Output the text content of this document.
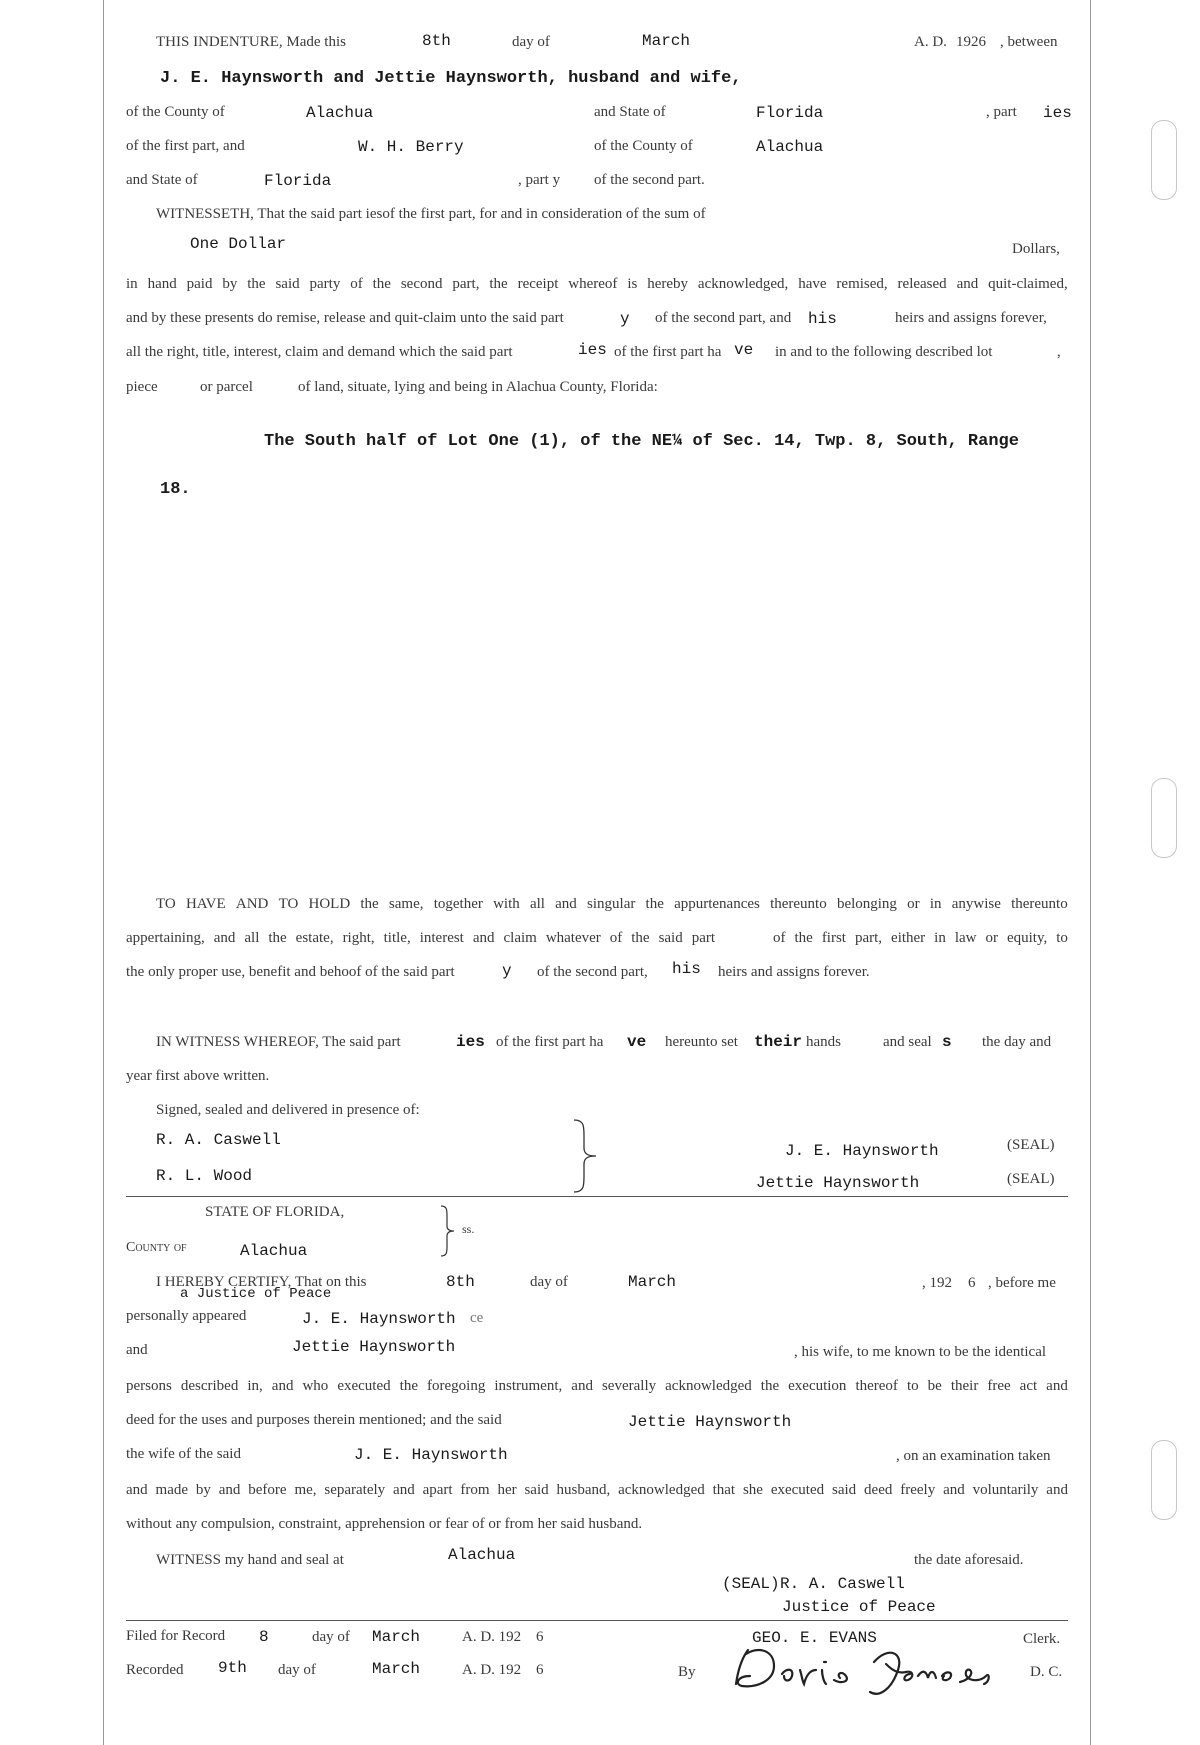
THIS INDENTURE, Made this	8th	day of	March	A. D. 1926 , between
J. E. Haynsworth and Jettie Haynsworth, husband and wife,
of the County of	Alachua	and State of	Florida	, part ies
of the first part, and	W. H. Berry	of the County of	Alachua
and State of	Florida	, part y of the second part.
WITNESSETH, That the said part iesof the first part, for and in consideration of the sum of
One Dollar	Dollars,
in hand paid by the said party of the second part, the receipt whereof is hereby acknowledged, have remised, released and quit-claimed,
and by these presents do remise, release and quit-claim unto the said part	y of the second part, and his	heirs and assigns forever,
all the right, title, interest, claim and demand which the said part	ies of the first part ha ve in and to the following described lot	,
piece	or parcel	of land, situate, lying and being in Alachua County, Florida:
The South half of Lot One (1), of the NE¼ of Sec. 14, Twp. 8, South, Range
18.
TO HAVE AND TO HOLD the same, together with all and singular the appurtenances thereunto belonging or in anywise thereunto
appertaining, and all the estate, right, title, interest and claim whatever of the said part	of the first part, either in law or equity, to
the only proper use, benefit and behoof of the said part	y of the second part, his heirs and assigns forever.
IN WITNESS WHEREOF, The said part	ies of the first part ha ve hereunto set their hands	and seal s the day and
year first above written.
Signed, sealed and delivered in presence of:
R. A. Caswell
R. L. Wood
J. E. Haynsworth	(SEAL)
Jettie Haynsworth	(SEAL)
STATE OF FLORIDA,
ss.
County of	Alachua
I HEREBY CERTIFY, That on this
a Justice of Peace
8th	day of	March	, 192 6 , before me
personally appeared	J. E. Haynsworth ce
and	Jettie Haynsworth	, his wife, to me known to be the identical
persons described in, and who executed the foregoing instrument, and severally acknowledged the execution thereof to be their free act and
deed for the uses and purposes therein mentioned; and the said	Jettie Haynsworth
the wife of the said	J. E. Haynsworth	, on an examination taken
and made by and before me, separately and apart from her said husband, acknowledged that she executed said deed freely and voluntarily and
without any compulsion, constraint, apprehension or fear of or from her said husband.
WITNESS my hand and seal at	Alachua	the date aforesaid.
(SEAL) R. A. Caswell
Justice of Peace
Filed for Record 8	day of March	A. D. 192 6	GEO. E. EVANS	Clerk.
Recorded 9th day of	March	A. D. 192 6	By	D. C.
